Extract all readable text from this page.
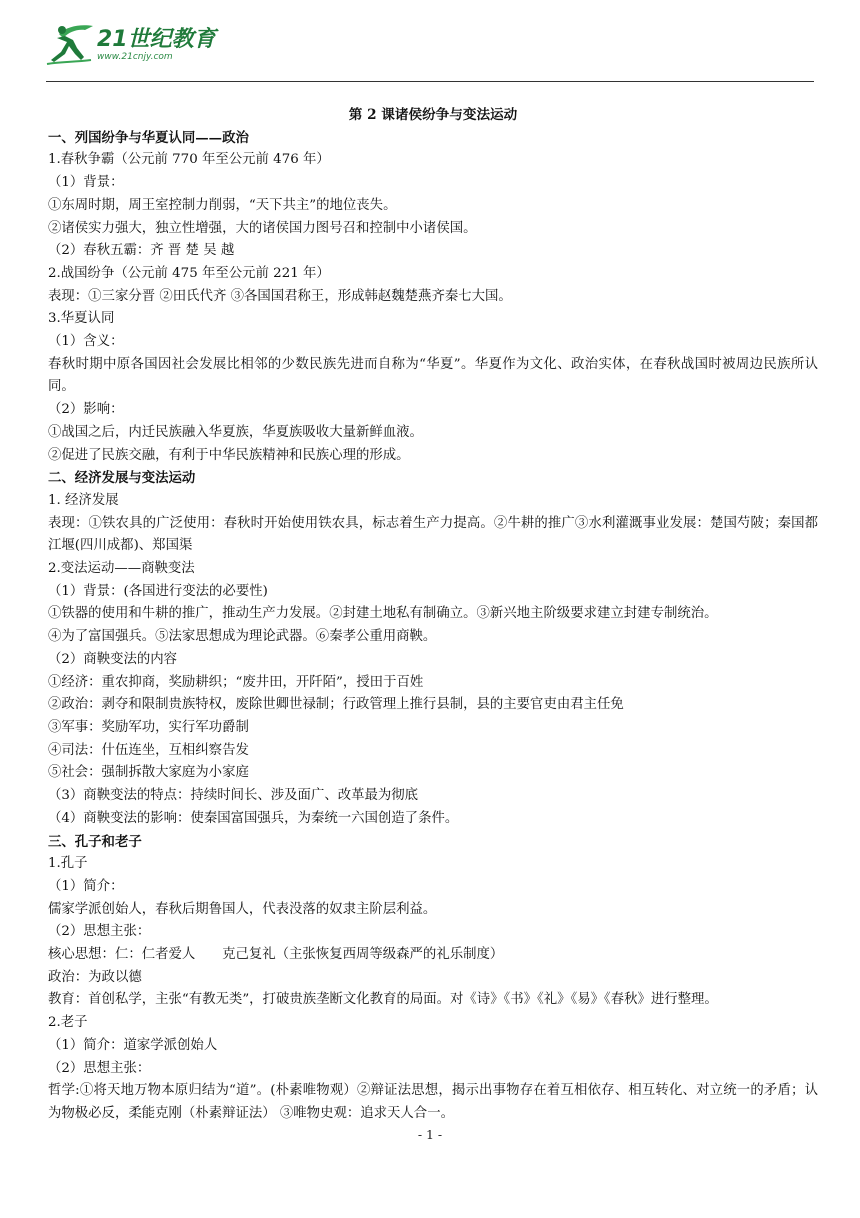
21世纪教育
www.21cnjy.com
第 2 课诸侯纷争与变法运动
一、列国纷争与华夏认同——政治
1.春秋争霸（公元前 770 年至公元前 476 年）
（1）背景：
①东周时期，周王室控制力削弱，“天下共主”的地位丧失。
②诸侯实力强大，独立性增强，大的诸侯国力图号召和控制中小诸侯国。
（2）春秋五霸：齐 晋 楚 吴 越
2.战国纷争（公元前 475 年至公元前 221 年）
表现：①三家分晋 ②田氏代齐 ③各国国君称王，形成韩赵魏楚燕齐秦七大国。
3.华夏认同
（1）含义：
春秋时期中原各国因社会发展比相邻的少数民族先进而自称为“华夏”。华夏作为文化、政治实体，在春秋战国时被周边民族所认同。
（2）影响：
①战国之后，内迁民族融入华夏族，华夏族吸收大量新鲜血液。
②促进了民族交融，有利于中华民族精神和民族心理的形成。
二、经济发展与变法运动
1. 经济发展
表现：①铁农具的广泛使用：春秋时开始使用铁农具，标志着生产力提高。②牛耕的推广③水利灌溉事业发展：楚国芍陂；秦国都江堰(四川成都)、郑国渠
2.变法运动——商鞅变法
（1）背景：(各国进行变法的必要性)
①铁器的使用和牛耕的推广，推动生产力发展。②封建土地私有制确立。③新兴地主阶级要求建立封建专制统治。
④为了富国强兵。⑤法家思想成为理论武器。⑥秦孝公重用商鞅。
（2）商鞅变法的内容
①经济：重农抑商，奖励耕织；“废井田，开阡陌”，授田于百姓
②政治：剥夺和限制贵族特权，废除世卿世禄制；行政管理上推行县制，县的主要官吏由君主任免
③军事：奖励军功，实行军功爵制
④司法：什伍连坐，互相纠察告发
⑤社会：强制拆散大家庭为小家庭
（3）商鞅变法的特点：持续时间长、涉及面广、改革最为彻底
（4）商鞅变法的影响：使秦国富国强兵，为秦统一六国创造了条件。
三、孔子和老子
1.孔子
（1）简介：
儒家学派创始人，春秋后期鲁国人，代表没落的奴隶主阶层利益。
（2）思想主张：
核心思想：仁：仁者爱人　　克己复礼（主张恢复西周等级森严的礼乐制度）
政治：为政以德
教育：首创私学，主张“有教无类”，打破贵族垄断文化教育的局面。对《诗》《书》《礼》《易》《春秋》进行整理。
2.老子
（1）简介：道家学派创始人
（2）思想主张：
哲学:①将天地万物本原归结为“道”。(朴素唯物观）②辩证法思想，揭示出事物存在着互相依存、相互转化、对立统一的矛盾；认为物极必反，柔能克刚（朴素辩证法） ③唯物史观：追求天人合一。
- 1 -
